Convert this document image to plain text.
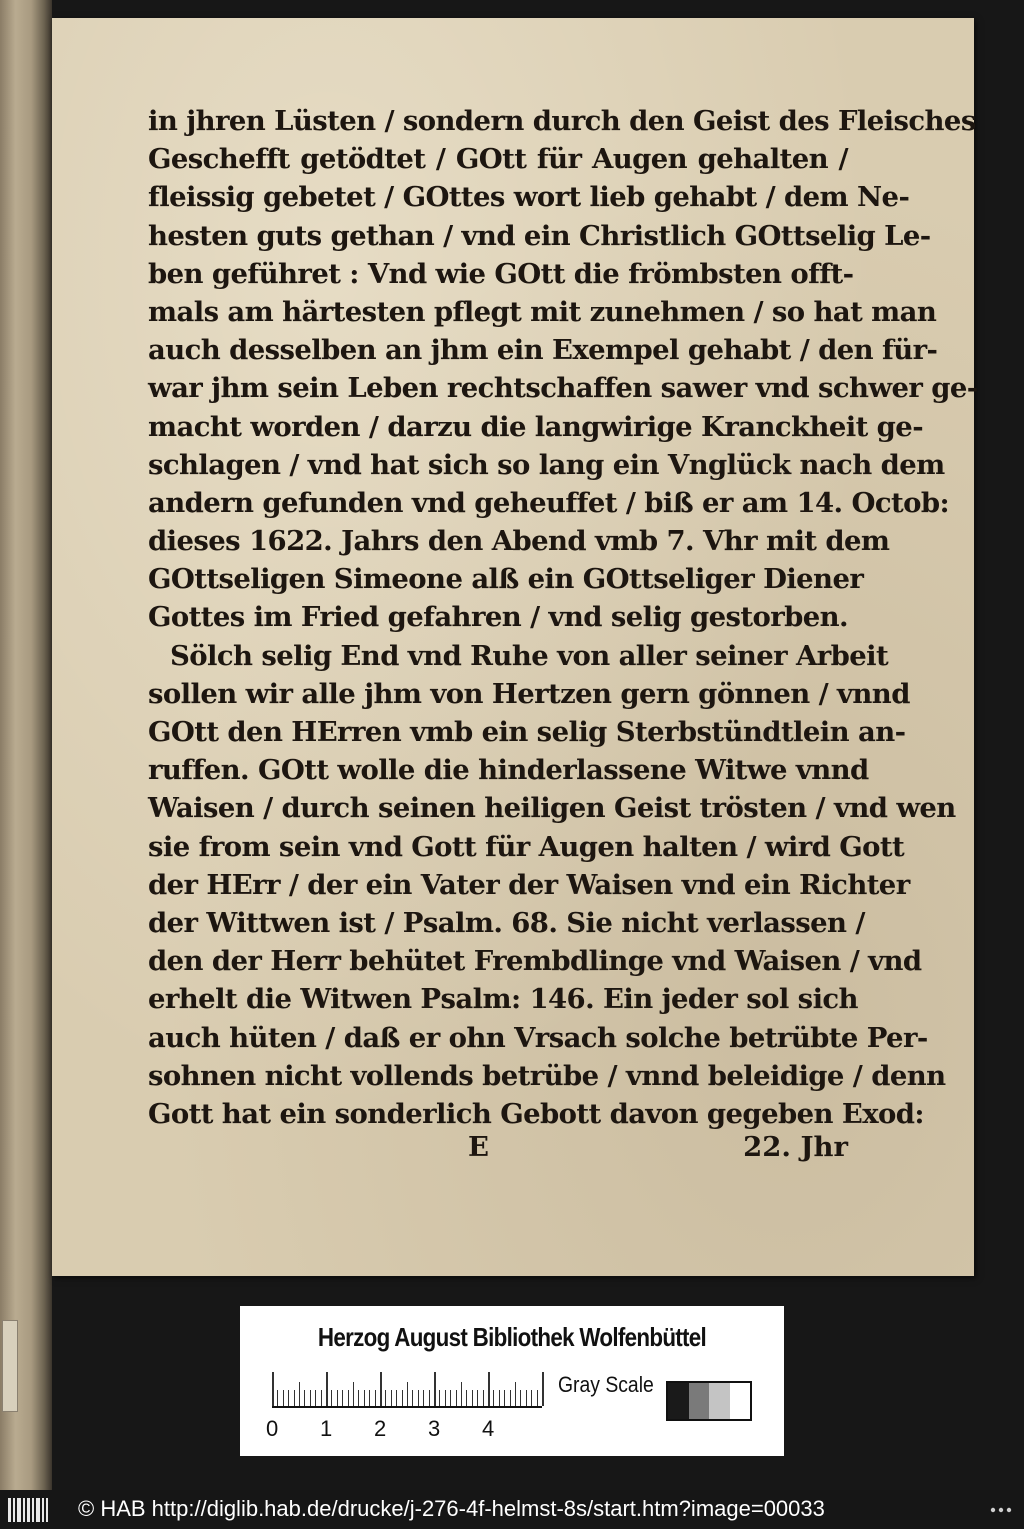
in jhren Lüsten / sondern durch den Geist des Fleisches
Geschefft getödtet / GOtt für Augen gehalten /
fleissig gebetet / GOttes wort lieb gehabt / dem Ne-
hesten guts gethan / vnd ein Christlich GOttselig Le-
ben geführet : Vnd wie GOtt die frömbsten offt-
mals am härtesten pflegt mit zunehmen / so hat man
auch desselben an jhm ein Exempel gehabt / den für-
war jhm sein Leben rechtschaffen sawer vnd schwer ge-
macht worden / darzu die langwirige Kranckheit ge-
schlagen / vnd hat sich so lang ein Vnglück nach dem
andern gefunden vnd geheuffet / biß er am 14. Octob:
dieses 1622. Jahrs den Abend vmb 7. Vhr mit dem
GOttseligen Simeone alß ein GOttseliger Diener
Gottes im Fried gefahren / vnd selig gestorben.
Sölch selig End vnd Ruhe von aller seiner Arbeit
sollen wir alle jhm von Hertzen gern gönnen / vnnd
GOtt den HErren vmb ein selig Sterbstündtlein an-
ruffen. GOtt wolle die hinderlassene Witwe vnnd
Waisen / durch seinen heiligen Geist trösten / vnd wen
sie from sein vnd Gott für Augen halten / wird Gott
der HErr / der ein Vater der Waisen vnd ein Richter
der Wittwen ist / Psalm. 68. Sie nicht verlassen /
den der Herr behütet Frembdlinge vnd Waisen / vnd
erhelt die Witwen Psalm: 146. Ein jeder sol sich
auch hüten / daß er ohn Vrsach solche betrübte Per-
sohnen nicht vollends betrübe / vnnd beleidige / denn
Gott hat ein sonderlich Gebott davon gegeben Exod:
E	22. Jhr
Herzog August Bibliothek Wolfenbüttel
0 1 2 3 4
Gray Scale
© HAB http://diglib.hab.de/drucke/j-276-4f-helmst-8s/start.htm?image=00033
